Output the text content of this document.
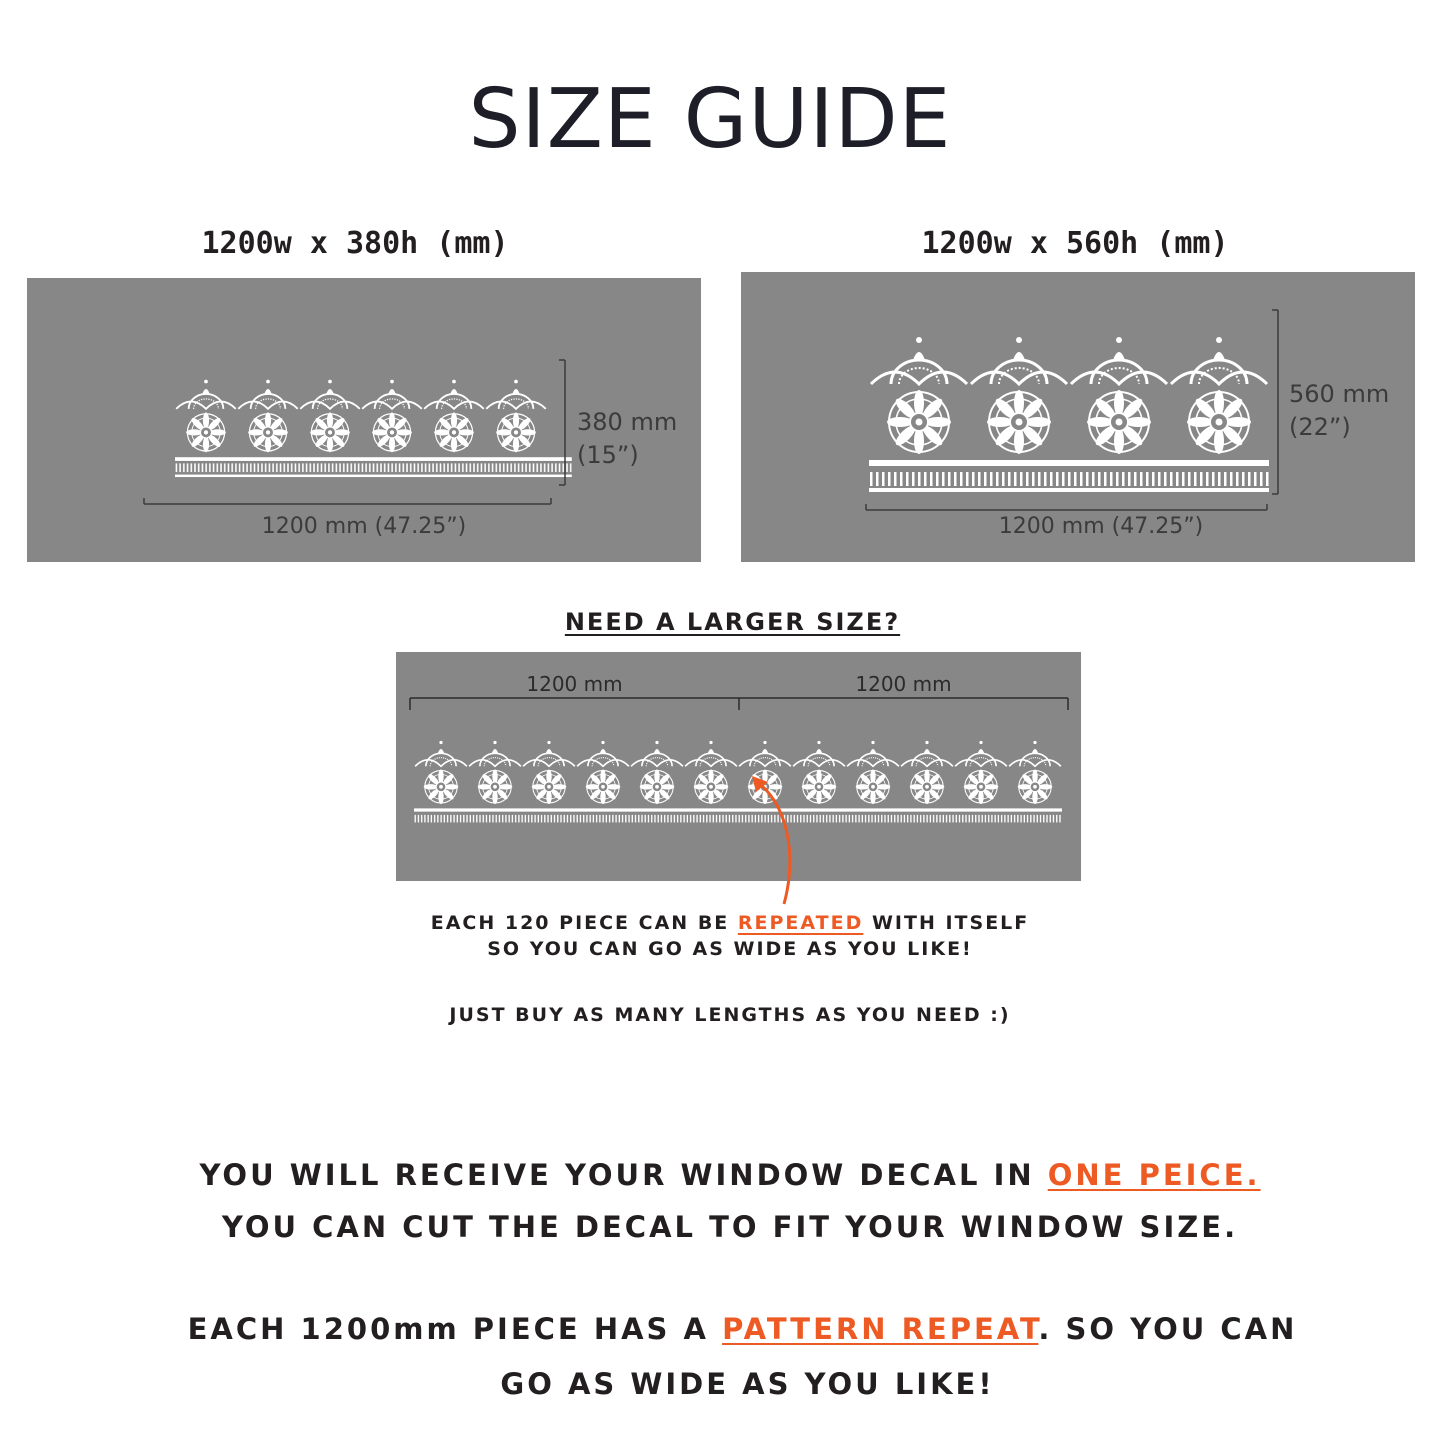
SIZE GUIDE
1200w x 380h (mm)
380 mm
(15”)
1200 mm (47.25”)
1200w x 560h (mm)
560 mm
(22”)
1200 mm (47.25”)
NEED A LARGER SIZE?
1200 mm	1200 mm
EACH 120 PIECE CAN BE REPEATED WITH ITSELF
SO YOU CAN GO AS WIDE AS YOU LIKE!
JUST BUY AS MANY LENGTHS AS YOU NEED :)
YOU WILL RECEIVE YOUR WINDOW DECAL IN ONE PEICE.
YOU CAN CUT THE DECAL TO FIT YOUR WINDOW SIZE.
EACH 1200mm PIECE HAS A PATTERN REPEAT. SO YOU CAN
GO AS WIDE AS YOU LIKE!
